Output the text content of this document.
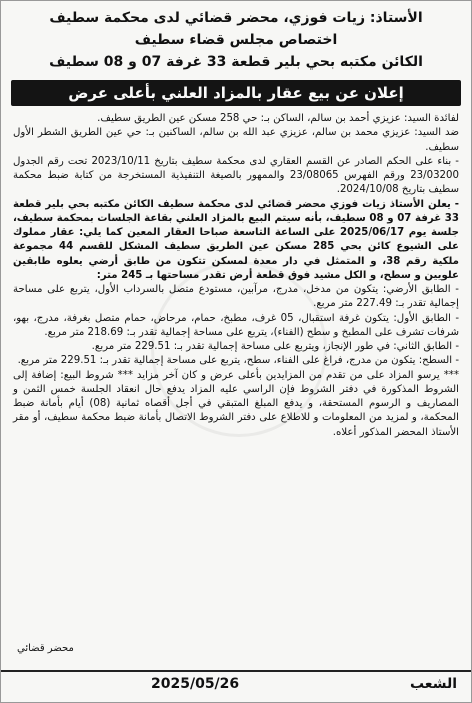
الأستاذ: زيات فوزي، محضر قضائي لدى محكمة سطيف
اختصاص مجلس قضاء سطيف
الكائن مكتبه بحي بلير قطعة 33 غرفة 07 و 08 سطيف
إعلان عن بيع عقار بالمزاد العلني بأعلى عرض

لفائدة السيد: عزيزي أحمد بن سالم، الساكن بـ: حي 258 مسكن عين الطريق سطيف.

ضد السيد: عزيزي محمد بن سالم، عزيزي عبد الله بن سالم، الساكنين بـ: حي عين الطريق الشطر الأول سطيف.

- بناء على الحكم الصادر عن القسم العقاري لدى محكمة سطيف بتاريخ 2023/10/11 تحت رقم الجدول 23/03200 ورقم الفهرس 23/08065 والممهور بالصيغة التنفيذية المستخرجة من كتابة ضبط محكمة سطيف بتاريخ 2024/10/08.

- يعلن الأستاذ زيات فوزي محضر قضائي لدى محكمة سطيف الكائن مكتبه بحي بلير قطعة 33 غرفة 07 و 08 سطيف، بأنه سيتم البيع بالمزاد العلني بقاعة الجلسات بمحكمة سطيف، جلسة يوم 2025/06/17 على الساعة التاسعة صباحا العقار المعين كما يلي: عقار مملوك على الشيوع كائن بحي 285 مسكن عين الطريق سطيف المشكل للقسم 44 مجموعة ملكية رقم 38، و المتمثل في دار معدة لمسكن تتكون من طابق أرضي يعلوه طابقين علويين و سطح، و الكل مشيد فوق قطعة أرض تقدر مساحتها بـ 245 متر:

- الطابق الأرضي: يتكون من مدخل، مدرج، مرآبين، مستودع متصل بالسرداب الأول، يتربع على مساحة إجمالية تقدر بـ: 227.49 متر مربع.

- الطابق الأول: يتكون غرفة استقبال، 05 غرف، مطبخ، حمام، مرحاض، حمام متصل بغرفة، مدرج، بهو، شرفات تشرف على المطبخ و سطح (الفناء)، يتربع على مساحة إجمالية تقدر بـ: 218.69 متر مربع.

- الطابق الثاني: في طور الإنجاز، ويتربع على مساحة إجمالية تقدر بـ: 229.51 متر مربع.

- السطح: يتكون من مدرج، فراغ على الفناء، سطح، يتربع على مساحة إجمالية تقدر بـ: 229.51 متر مربع.

*** يرسو المزاد على من تقدم من المزايدين بأعلى عرض و كان آخر مزايد *** شروط البيع: إضافة إلى الشروط المذكورة في دفتر الشروط فإن الراسي عليه المزاد يدفع حال انعقاد الجلسة خمس الثمن و المصاريف و الرسوم المستحقة، و يدفع المبلغ المتبقي في أجل أقصاه ثمانية (08) أيام بأمانة ضبط المحكمة، و لمزيد من المعلومات و للاطلاع على دفتر الشروط الاتصال بأمانة ضبط محكمة سطيف، أو مقر الأستاذ المحضر المذكور أعلاه.

محضر قضائي
الشعب
2025/05/26
